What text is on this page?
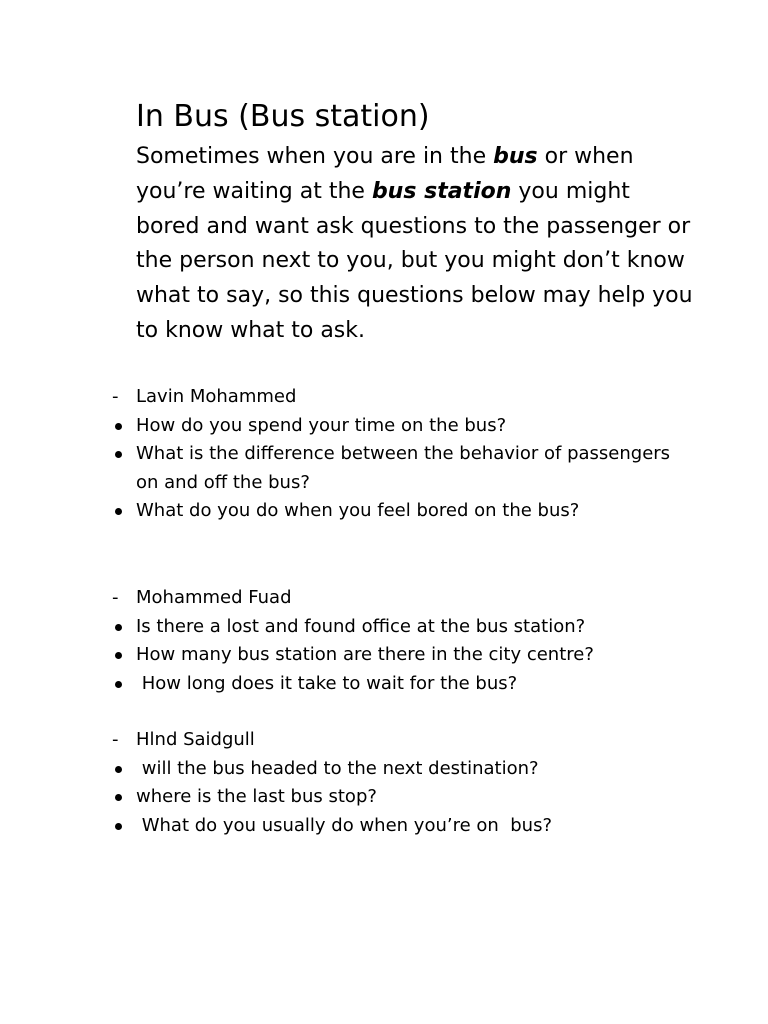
In Bus (Bus station)

Sometimes when you are in the bus or when you’re waiting at the bus station you might bored and want ask questions to the passenger or the person next to you, but you might don’t know what to say, so this questions below may help you to know what to ask.

- Lavin Mohammed
How do you spend your time on the bus?
What is the difference between the behavior of passengers
on and off the bus?
What do you do when you feel bored on the bus?
- Mohammed Fuad
Is there a lost and found office at the bus station?
How many bus station are there in the city centre?
How long does it take to wait for the bus?
- Hlnd Saidgull
will the bus headed to the next destination?
where is the last bus stop?
What do you usually do when you’re on  bus?
